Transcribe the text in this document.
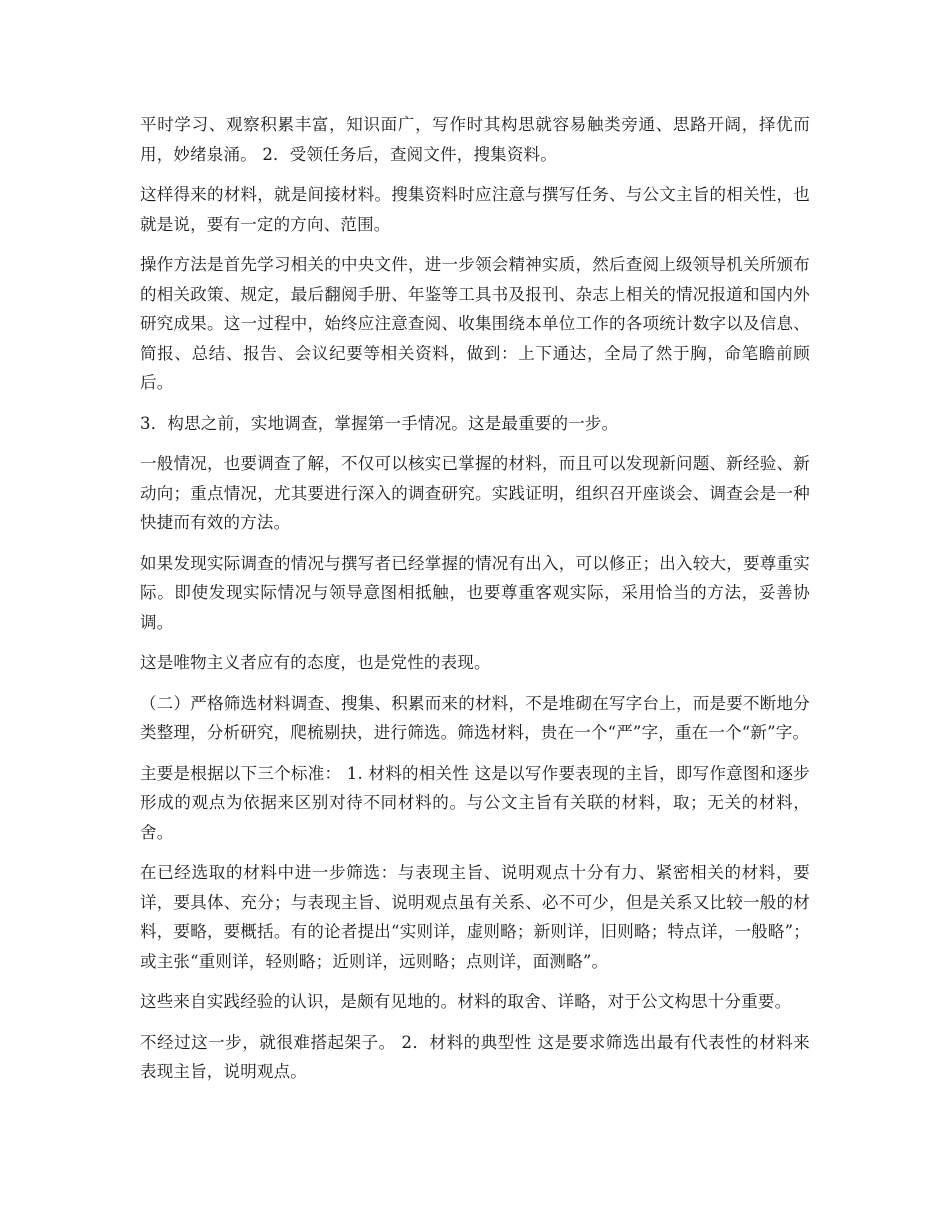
平时学习、观察积累丰富，知识面广，写作时其构思就容易触类旁通、思路开阔，择优而用，妙绪泉涌。 2．受领任务后，查阅文件，搜集资料。

这样得来的材料，就是间接材料。搜集资料时应注意与撰写任务、与公文主旨的相关性，也就是说，要有一定的方向、范围。

操作方法是首先学习相关的中央文件，进一步领会精神实质，然后查阅上级领导机关所颁布的相关政策、规定，最后翻阅手册、年鉴等工具书及报刊、杂志上相关的情况报道和国内外研究成果。这一过程中，始终应注意查阅、收集围绕本单位工作的各项统计数字以及信息、简报、总结、报告、会议纪要等相关资料，做到：上下通达，全局了然于胸，命笔瞻前顾后。

3．构思之前，实地调查，掌握第一手情况。这是最重要的一步。

一般情况，也要调查了解，不仅可以核实已掌握的材料，而且可以发现新问题、新经验、新动向；重点情况，尤其要进行深入的调查研究。实践证明，组织召开座谈会、调查会是一种快捷而有效的方法。

如果发现实际调查的情况与撰写者已经掌握的情况有出入，可以修正；出入较大，要尊重实际。即使发现实际情况与领导意图相抵触，也要尊重客观实际，采用恰当的方法，妥善协调。

这是唯物主义者应有的态度，也是党性的表现。

（二）严格筛选材料调查、搜集、积累而来的材料，不是堆砌在写字台上，而是要不断地分类整理，分析研究，爬梳剔抉，进行筛选。筛选材料，贵在一个“严”字，重在一个“新”字。

主要是根据以下三个标准： 1. 材料的相关性 这是以写作要表现的主旨，即写作意图和逐步形成的观点为依据来区别对待不同材料的。与公文主旨有关联的材料，取；无关的材料，舍。

在已经选取的材料中进一步筛选：与表现主旨、说明观点十分有力、紧密相关的材料，要详，要具体、充分；与表现主旨、说明观点虽有关系、必不可少，但是关系又比较一般的材料，要略，要概括。有的论者提出“实则详，虚则略；新则详，旧则略；特点详，一般略”；或主张“重则详，轻则略；近则详，远则略；点则详，面测略”。

这些来自实践经验的认识，是颇有见地的。材料的取舍、详略，对于公文构思十分重要。

不经过这一步，就很难搭起架子。 2．材料的典型性 这是要求筛选出最有代表性的材料来表现主旨，说明观点。
